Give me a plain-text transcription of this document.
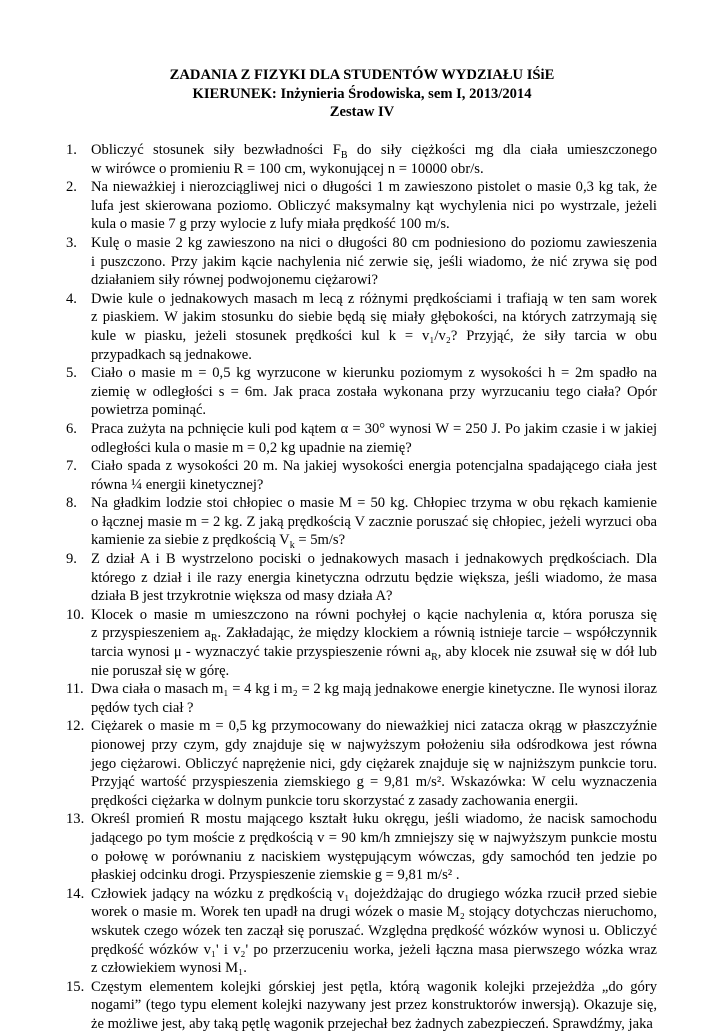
ZADANIA Z FIZYKI DLA STUDENTÓW WYDZIAŁU IŚiE
KIERUNEK: Inżynieria Środowiska, sem I, 2013/2014
Zestaw IV
1. Obliczyć stosunek siły bezwładności $F_B$ do siły ciężkości mg dla ciała umieszczonego
w wirówce o promieniu R = 100 cm, wykonującej n = 10000 obr/s.
2. Na nieważkiej i nierozciągliwej nici o długości 1 m zawieszono pistolet o masie 0,3 kg tak, że
lufa jest skierowana poziomo. Obliczyć maksymalny kąt wychylenia nici po wystrzale, jeżeli
kula o masie 7 g przy wylocie z lufy miała prędkość 100 m/s.
3. Kulę o masie 2 kg zawieszono na nici o długości 80 cm podniesiono do poziomu zawieszenia
i puszczono. Przy jakim kącie nachylenia nić zerwie się, jeśli wiadomo, że nić zrywa się pod
działaniem siły równej podwojonemu ciężarowi?
4. Dwie kule o jednakowych masach m lecą z różnymi prędkościami i trafiają w ten sam worek
z piaskiem. W jakim stosunku do siebie będą się miały głębokości, na których zatrzymają się
kule w piasku, jeżeli stosunek prędkości kul k = v₁/v₂? Przyjąć, że siły tarcia w obu
przypadkach są jednakowe.
5. Ciało o masie m = 0,5 kg wyrzucone w kierunku poziomym z wysokości h = 2m spadło na
ziemię w odległości s = 6m. Jak praca została wykonana przy wyrzucaniu tego ciała? Opór
powietrza pominąć.
6. Praca zużyta na pchnięcie kuli pod kątem α = 30° wynosi W = 250 J. Po jakim czasie i w jakiej
odległości kula o masie m = 0,2 kg upadnie na ziemię?
7. Ciało spada z wysokości 20 m. Na jakiej wysokości energia potencjalna spadającego ciała jest
równa ¼ energii kinetycznej?
8. Na gładkim lodzie stoi chłopiec o masie M = 50 kg. Chłopiec trzyma w obu rękach kamienie
o łącznej masie m = 2 kg. Z jaką prędkością V zacznie poruszać się chłopiec, jeżeli wyrzuci oba
kamienie za siebie z prędkością $V_k = 5m/s$?
9. Z dział A i B wystrzelono pociski o jednakowych masach i jednakowych prędkościach. Dla
którego z dział i ile razy energia kinetyczna odrzutu będzie większa, jeśli wiadomo, że masa
działa B jest trzykrotnie większa od masy działa A?
10. Klocek o masie m umieszczono na równi pochyłej o kącie nachylenia α, która porusza się
z przyspieszeniem $a_R$. Zakładając, że między klockiem a równią istnieje tarcie – współczynnik
tarcia wynosi μ - wyznaczyć takie przyspieszenie równi $a_R$, aby klocek nie zsuwał się w dół lub
nie poruszał się w górę.
11. Dwa ciała o masach m₁ = 4 kg i m₂ = 2 kg mają jednakowe energie kinetyczne. Ile wynosi iloraz
pędów tych ciał ?
12. Ciężarek o masie m = 0,5 kg przymocowany do nieważkiej nici zatacza okrąg w płaszczyźnie
pionowej przy czym, gdy znajduje się w najwyższym położeniu siła odśrodkowa jest równa
jego ciężarowi. Obliczyć naprężenie nici, gdy ciężarek znajduje się w najniższym punkcie toru.
Przyjąć wartość przyspieszenia ziemskiego g = 9,81 m/s². Wskazówka: W celu wyznaczenia
prędkości ciężarka w dolnym punkcie toru skorzystać z zasady zachowania energii.
13. Określ promień R mostu mającego kształt łuku okręgu, jeśli wiadomo, że nacisk samochodu
jadącego po tym moście z prędkością v = 90 km/h zmniejszy się w najwyższym punkcie mostu
o połowę w porównaniu z naciskiem występującym wówczas, gdy samochód ten jedzie po
płaskiej odcinku drogi. Przyspieszenie ziemskie g = 9,81 m/s² .
14. Człowiek jadący na wózku z prędkością v₁ dojeżdżając do drugiego wózka rzucił przed siebie
worek o masie m. Worek ten upadł na drugi wózek o masie M₂ stojący dotychczas nieruchomo,
wskutek czego wózek ten zaczął się poruszać. Względna prędkość wózków wynosi u. Obliczyć
prędkość wózków v₁' i v₂' po przerzuceniu worka, jeżeli łączna masa pierwszego wózka wraz
z człowiekiem wynosi M₁.
15. Częstym elementem kolejki górskiej jest pętla, którą wagonik kolejki przejeżdża „do góry
nogami” (tego typu element kolejki nazywany jest przez konstruktorów inwersją). Okazuje się,
że możliwe jest, aby taką pętlę wagonik przejechał bez żadnych zabezpieczeń. Sprawdźmy, jaka
